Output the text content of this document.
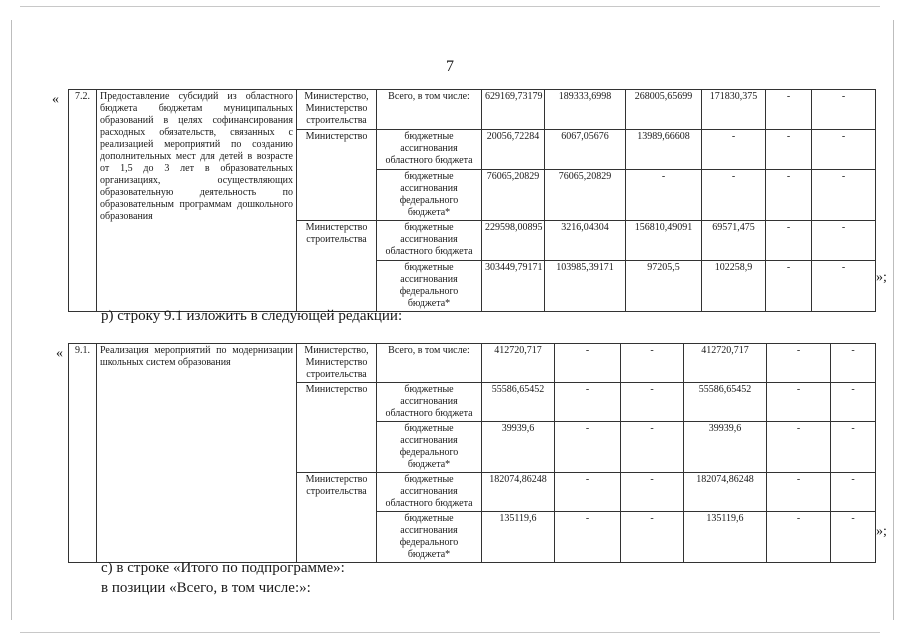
7
« 7.2.	Предоставление субсидий из областного бюджета бюджетам муниципальных образований в целях софинансирования расходных обязательств, связанных с реализацией мероприятий по созданию дополнительных мест для детей в возрасте от 1,5 до 3 лет в образовательных организациях, осуществляющих образовательную деятельность по образовательным программам дошкольного образования	Министерство, Министерство строительства	Всего, в том числе:	629169,73179	189333,6998	268005,65699	171830,375	-	-
		Министерство	бюджетные ассигнования областного бюджета	20056,72284	6067,05676	13989,66608	-	-	-
			бюджетные ассигнования федерального бюджета*	76065,20829	76065,20829	-	-	-	-
		Министерство строительства	бюджетные ассигнования областного бюджета	229598,00895	3216,04304	156810,49091	69571,475	-	-
			бюджетные ассигнования федерального бюджета*	303449,79171	103985,39171	97205,5	102258,9	-	-
»;
р) строку 9.1 изложить в следующей редакции:
« 9.1.	Реализация мероприятий по модернизации школьных систем образования	Министерство, Министерство строительства	Всего, в том числе:	412720,717	-	-	412720,717	-	-
		Министерство	бюджетные ассигнования областного бюджета	55586,65452	-	-	55586,65452	-	-
			бюджетные ассигнования федерального бюджета*	39939,6	-	-	39939,6	-	-
		Министерство строительства	бюджетные ассигнования областного бюджета	182074,86248	-	-	182074,86248	-	-
			бюджетные ассигнования федерального бюджета*	135119,6	-	-	135119,6	-	-
»;
с) в строке «Итого по подпрограмме»:
в позиции «Всего, в том числе:»:
